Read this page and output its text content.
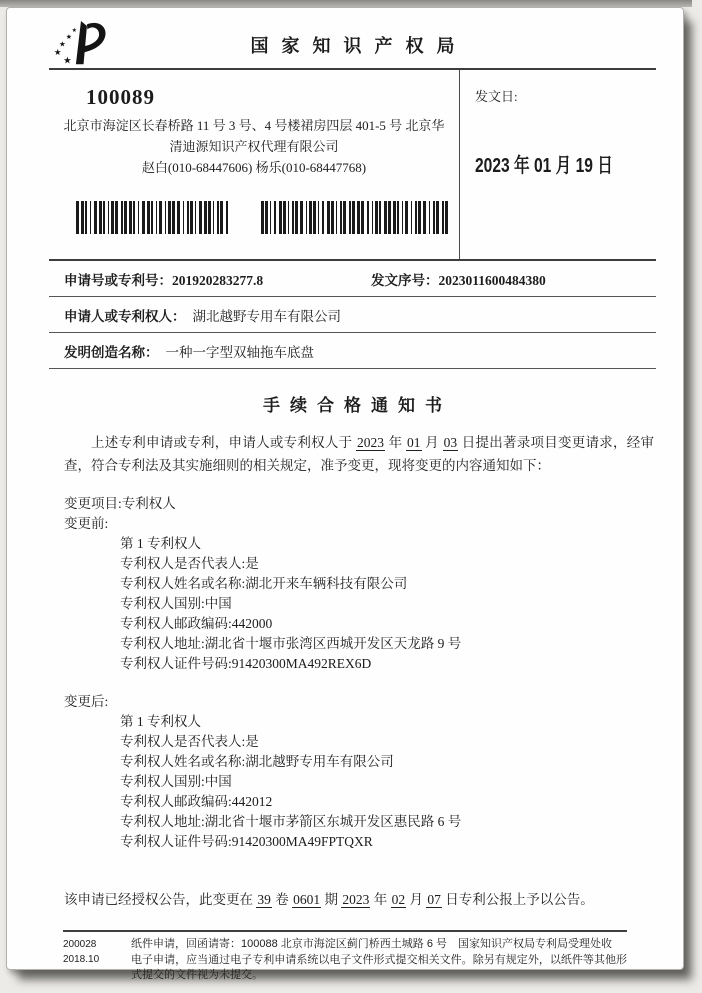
★
★
★
★
★
国家知识产权局
100089
北京市海淀区长春桥路 11 号 3 号、4 号楼裙房四层 401-5 号 北京华
清迪源知识产权代理有限公司
赵白(010-68447606) 杨乐(010-68447768)
发文日:
2023 年 01 月 19 日
申请号或专利号：201920283277.8	发文序号：2023011600484380
申请人或专利权人： 湖北越野专用车有限公司
发明创造名称： 一种一字型双轴拖车底盘
手续合格通知书

上述专利申请或专利，申请人或专利权人于 2023 年 01 月 03 日提出著录项目变更请求，经审查，符合专利法及其实施细则的相关规定，准予变更，现将变更的内容通知如下：

变更项目:专利权人
变更前:
第 1 专利权人
专利权人是否代表人:是
专利权人姓名或名称:湖北开来车辆科技有限公司
专利权人国别:中国
专利权人邮政编码:442000
专利权人地址:湖北省十堰市张湾区西城开发区天龙路 9 号
专利权人证件号码:91420300MA492REX6D
变更后:
第 1 专利权人
专利权人是否代表人:是
专利权人姓名或名称:湖北越野专用车有限公司
专利权人国别:中国
专利权人邮政编码:442012
专利权人地址:湖北省十堰市茅箭区东城开发区惠民路 6 号
专利权人证件号码:91420300MA49FPTQXR
该申请已经授权公告，此变更在 39 卷 0601 期 2023 年 02 月 07 日专利公报上予以公告。
200028
2018.10
纸件申请，回函请寄：100088 北京市海淀区蓟门桥西土城路 6 号　国家知识产权局专利局受理处收
电子申请，应当通过电子专利申请系统以电子文件形式提交相关文件。除另有规定外，以纸件等其他形式提交的文件视为未提交。
